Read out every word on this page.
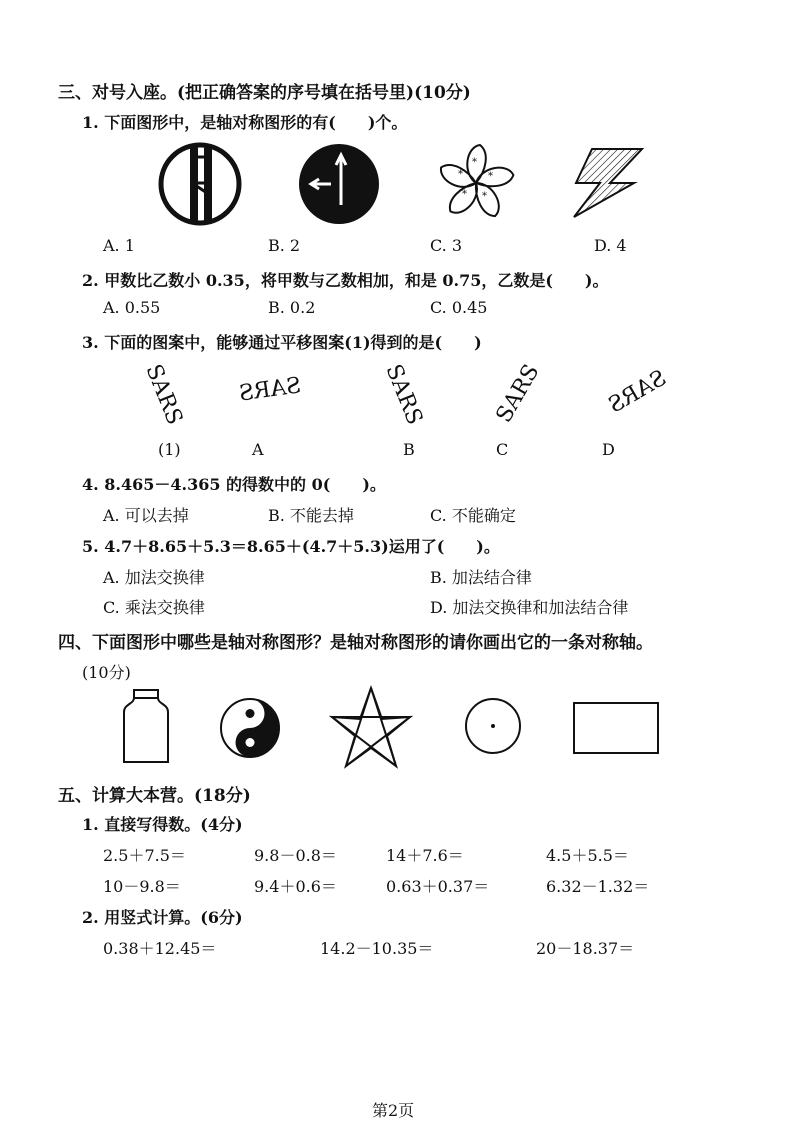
三、对号入座。(把正确答案的序号填在括号里)(10分)
1. 下面图形中，是轴对称图形的有(　　)个。
*
*
*
*
*
A. 1	B. 2	C. 3	D. 4
2. 甲数比乙数小 0.35，将甲数与乙数相加，和是 0.75，乙数是(　　)。
A. 0.55	B. 0.2	C. 0.45
3. 下面的图案中，能够通过平移图案(1)得到的是(　　)
SARS SARS	SARS	SARS	SARS
(1)	A	B	C	D
4. 8.465－4.365 的得数中的 0(　　)。
A. 可以去掉	B. 不能去掉	C. 不能确定
5. 4.7＋8.65＋5.3＝8.65＋(4.7＋5.3)运用了(　　)。
A. 加法交换律	B. 加法结合律
C. 乘法交换律	D. 加法交换律和加法结合律
四、下面图形中哪些是轴对称图形？是轴对称图形的请你画出它的一条对称轴。
(10分)
五、计算大本营。(18分)
1. 直接写得数。(4分)
2.5＋7.5＝	9.8－0.8＝	14＋7.6＝	4.5＋5.5＝
10－9.8＝	9.4＋0.6＝	0.63＋0.37＝	6.32－1.32＝
2. 用竖式计算。(6分)
0.38＋12.45＝	14.2－10.35＝	20－18.37＝
第2页
